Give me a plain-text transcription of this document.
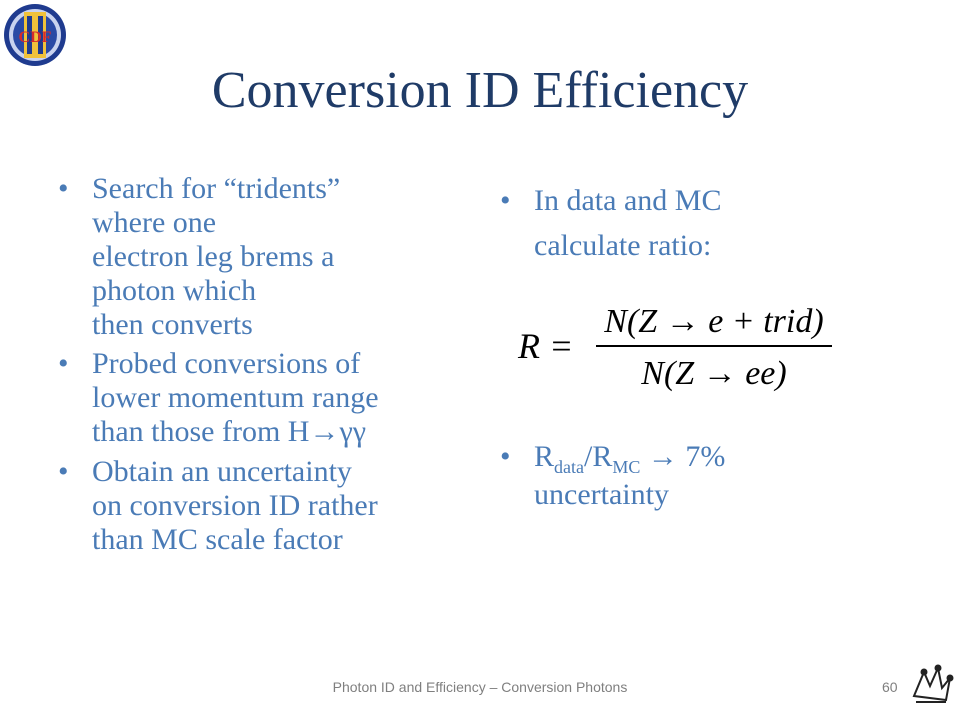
CDF
Conversion ID Efficiency
• Search for “tridents”
where one
electron leg brems a
photon which
then converts
• Probed conversions of
lower momentum range
than those from H→γγ
• Obtain an uncertainty
on conversion ID rather
than MC scale factor
• In data and MC
calculate ratio:
R =
N(Z → e + trid)
N(Z → ee)
• $R_{data}/R_{MC} \to 7\%$
uncertainty
Photon ID and Efficiency – Conversion Photons	60
